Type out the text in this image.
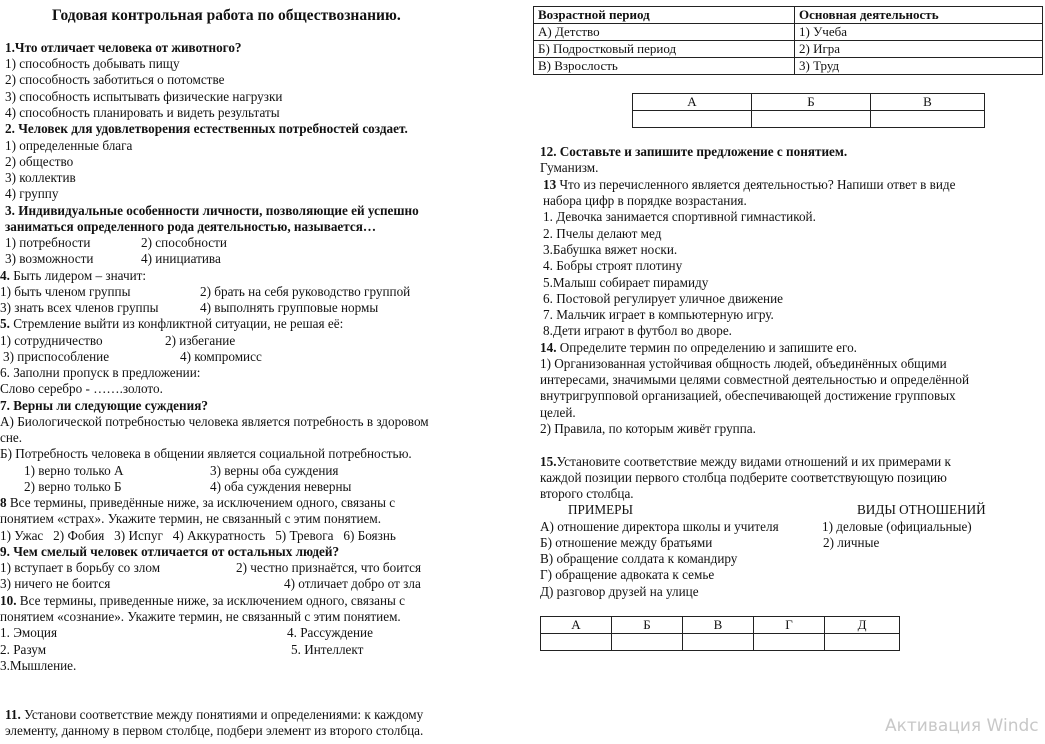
Годовая контрольная работа по обществознанию.
1.Что отличает человека от животного?
1) способность добывать пищу
2) способность заботиться о потомстве
3) способность испытывать физические нагрузки
4) способность планировать и видеть результаты
2. Человек для удовлетворения естественных потребностей создает.
1) определенные блага
2) общество
3) коллектив
4) группу
3. Индивидуальные особенности личности, позволяющие ей успешно
заниматься определенного рода деятельностью, называется…
1) потребности	2) способности
3) возможности	4) инициатива
4. Быть лидером – значит:
1) быть членом группы	2) брать на себя руководство группой
3) знать всех членов группы	4) выполнять групповые нормы
5. Стремление выйти из конфликтной ситуации, не решая её:
1) сотрудничество	2) избегание
3) приспособление	4) компромисс
6. Заполни пропуск в предложении:
Слово серебро - …….золото.
7. Верны ли следующие суждения?
А) Биологической потребностью человека является потребность в здоровом
сне.
Б) Потребность человека в общении является социальной потребностью.
1) верно только А	3) верны оба суждения
2) верно только Б	4) оба суждения неверны
8 Все термины, приведённые ниже, за исключением одного, связаны с
понятием «страх». Укажите термин, не связанный с этим понятием.
1) Ужас   2) Фобия   3) Испуг   4) Аккуратность   5) Тревога   6) Боязнь
9. Чем смелый человек отличается от остальных людей?
1) вступает в борьбу со злом	2) честно признаётся, что боится
3) ничего не боится	4) отличает добро от зла
10. Все термины, приведенные ниже, за исключением одного, связаны с
понятием «сознание». Укажите термин, не связанный с этим понятием.
1. Эмоция	4. Рассуждение
2. Разум	5. Интеллект
3.Мышление.
11. Установи соответствие между понятиями и определениями: к каждому
элементу, данному в первом столбце, подбери элемент из второго столбца.
Возрастной период	Основная деятельность
А) Детство	1) Учеба
Б) Подростковый период	2) Игра
В) Взрослость	3) Труд
А	Б	В

12. Составьте и запишите предложение с понятием.
Гуманизм.
13 Что из перечисленного является деятельностью? Напиши ответ в виде
набора цифр в порядке возрастания.
1. Девочка занимается спортивной гимнастикой.
2. Пчелы делают мед
3.Бабушка вяжет носки.
4. Бобры строят плотину
5.Малыш собирает пирамиду
6. Постовой регулирует уличное движение
7. Мальчик играет в компьютерную игру.
8.Дети играют в футбол во дворе.
14. Определите термин по определению и запишите его.
1) Организованная устойчивая общность людей, объединённых общими
интересами, значимыми целями совместной деятельностью и определённой
внутригрупповой организацией, обеспечивающей достижение групповых
целей.
2) Правила, по которым живёт группа.
15.Установите соответствие между видами отношений и их примерами к
каждой позиции первого столбца подберите соответствующую позицию
второго столбца.
ПРИМЕРЫ	ВИДЫ ОТНОШЕНИЙ
А) отношение директора школы и учителя	1) деловые (официальные)
Б) отношение между братьями	2) личные
В) обращение солдата к командиру
Г) обращение адвоката к семье
Д) разговор друзей на улице
А	Б	В	Г	Д

Активация Windc
